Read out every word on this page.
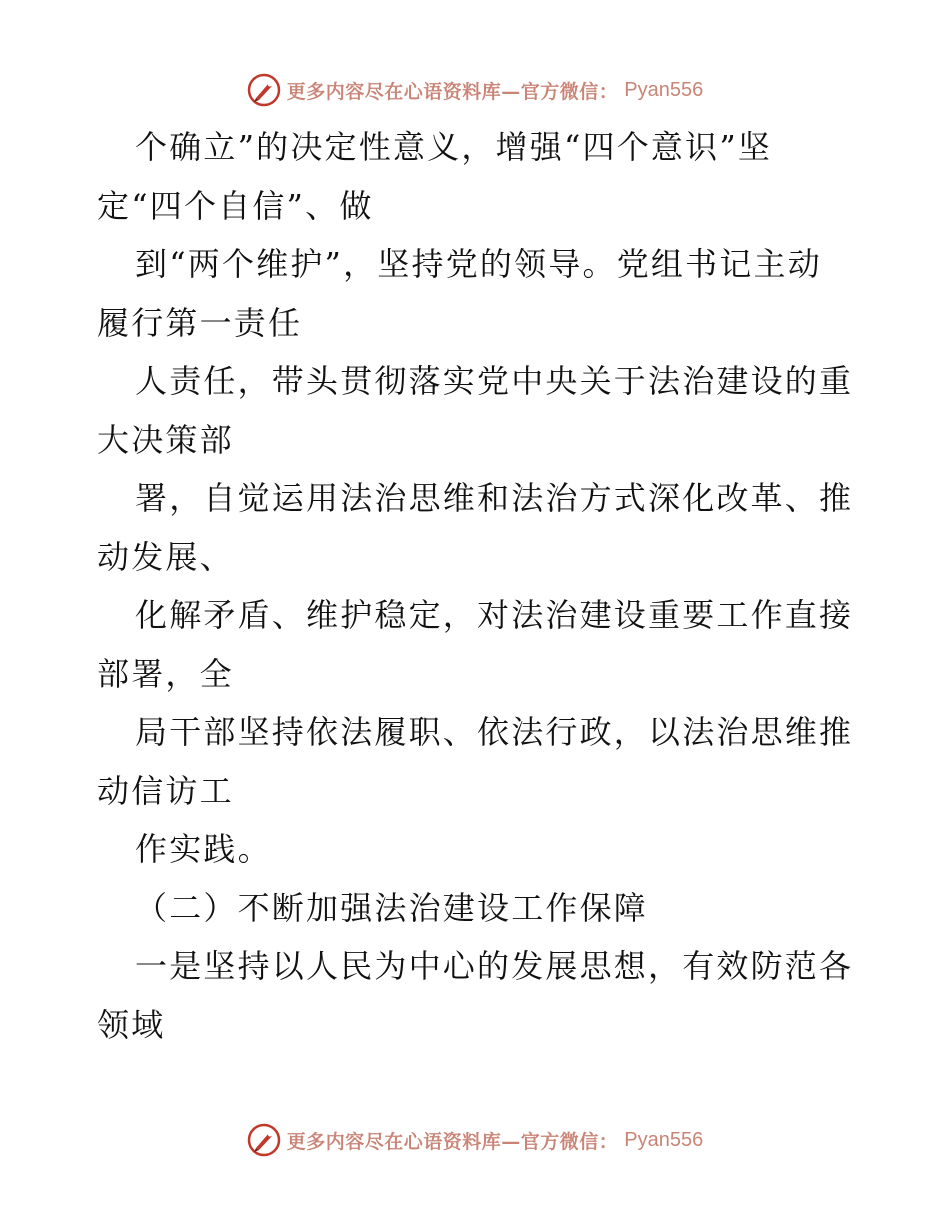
更多内容尽在心语资料库—官方微信： Pyan556
个确立”的决定性意义，增强“四个意识”坚
定“四个自信”、做
到“两个维护”，坚持党的领导。党组书记主动
履行第一责任
人责任，带头贯彻落实党中央关于法治建设的重
大决策部
署，自觉运用法治思维和法治方式深化改革、推
动发展、
化解矛盾、维护稳定，对法治建设重要工作直接
部署，全
局干部坚持依法履职、依法行政，以法治思维推
动信访工
作实践。
（二）不断加强法治建设工作保障
一是坚持以人民为中心的发展思想，有效防范各
领域
更多内容尽在心语资料库—官方微信： Pyan556
